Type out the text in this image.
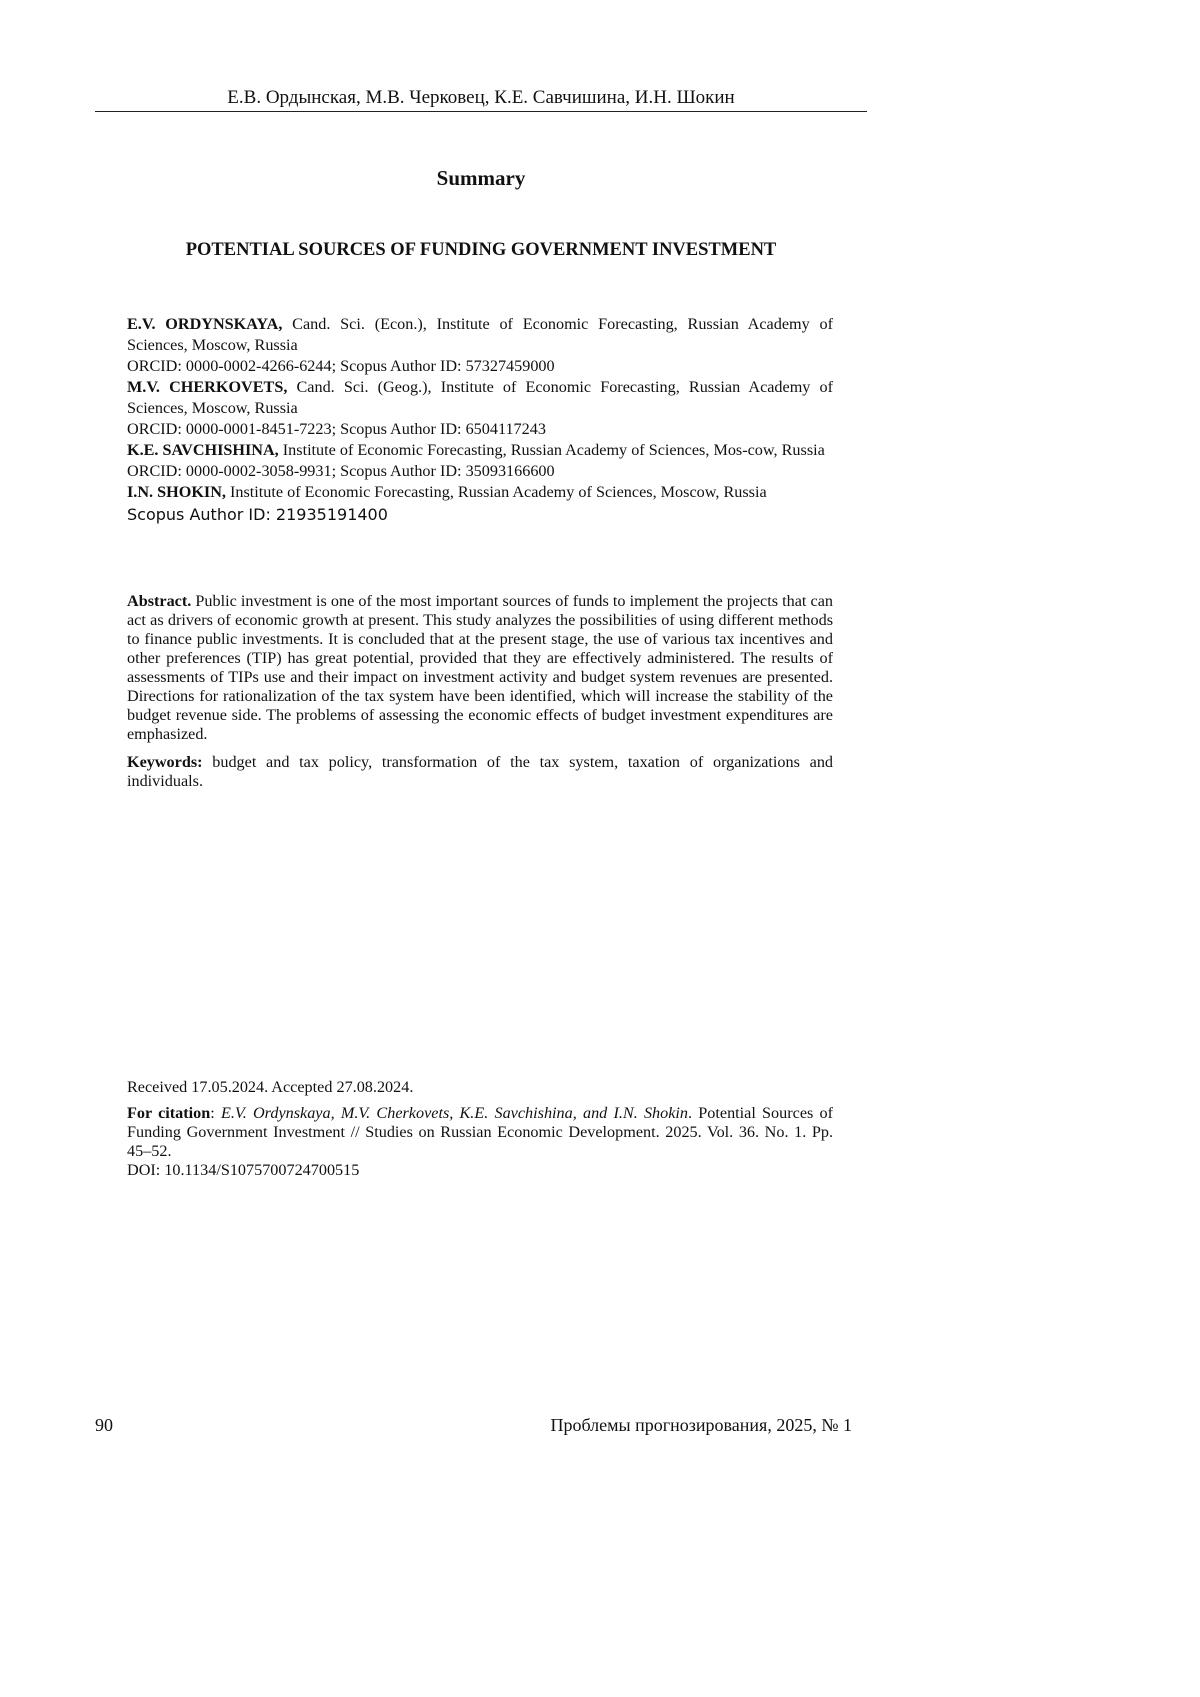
Е.В. Ордынская, М.В. Черковец, К.Е. Савчишина, И.Н. Шокин
Summary
POTENTIAL SOURCES OF FUNDING GOVERNMENT INVESTMENT

E.V. ORDYNSKAYA, Cand. Sci. (Econ.), Institute of Economic Forecasting, Russian Academy of Sciences, Moscow, Russia

ORCID: 0000-0002-4266-6244; Scopus Author ID: 57327459000

M.V. CHERKOVETS, Cand. Sci. (Geog.), Institute of Economic Forecasting, Russian Academy of Sciences, Moscow, Russia

ORCID: 0000-0001-8451-7223; Scopus Author ID: 6504117243

K.E. SAVCHISHINA, Institute of Economic Forecasting, Russian Academy of Sciences, Mos-cow, Russia

ORCID: 0000-0002-3058-9931; Scopus Author ID: 35093166600

I.N. SHOKIN, Institute of Economic Forecasting, Russian Academy of Sciences, Moscow, Russia

Scopus Author ID: 21935191400

Abstract. Public investment is one of the most important sources of funds to implement the projects that can act as drivers of economic growth at present. This study analyzes the possibilities of using different methods to finance public investments. It is concluded that at the present stage, the use of various tax incentives and other preferences (TIP) has great potential, provided that they are effectively administered. The results of assessments of TIPs use and their impact on investment activity and budget system revenues are presented. Directions for rationalization of the tax system have been identified, which will increase the stability of the budget revenue side. The problems of assessing the economic effects of budget investment expenditures are emphasized.

Keywords: budget and tax policy, transformation of the tax system, taxation of organizations and individuals.

Received 17.05.2024. Accepted 27.08.2024.

For citation: E.V. Ordynskaya, M.V. Cherkovets, K.E. Savchishina, and I.N. Shokin. Potential Sources of Funding Government Investment // Studies on Russian Economic Development. 2025. Vol. 36. No. 1. Pp. 45–52.
DOI: 10.1134/S1075700724700515

90	Проблемы прогнозирования, 2025, № 1
